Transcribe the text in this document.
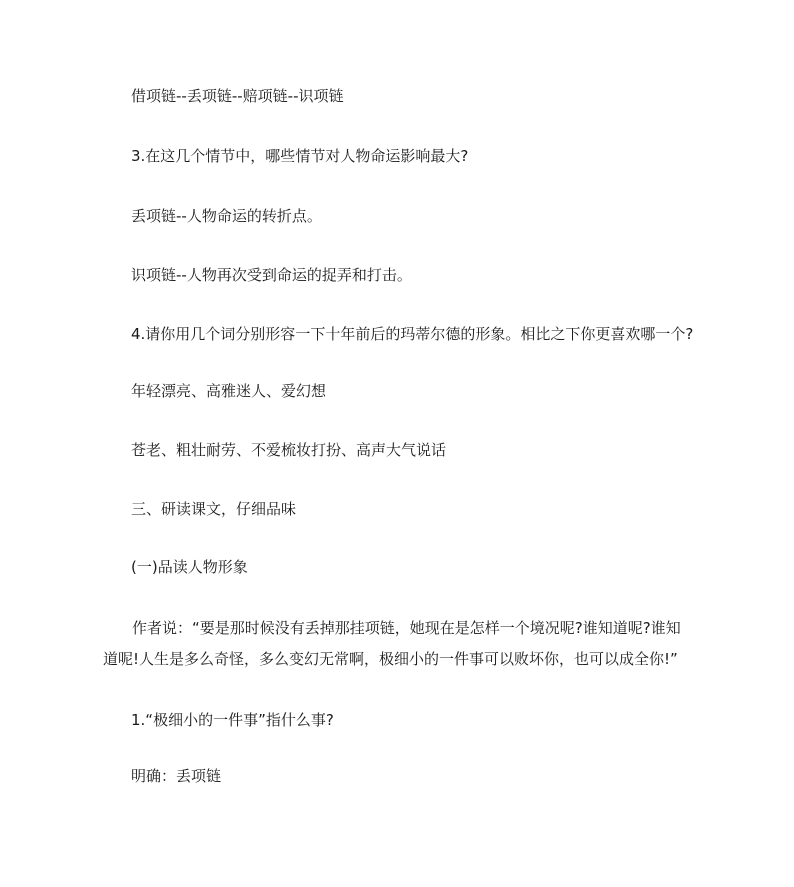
借项链--丢项链--赔项链--识项链
3.在这几个情节中，哪些情节对人物命运影响最大?
丢项链--人物命运的转折点。
识项链--人物再次受到命运的捉弄和打击。
4.请你用几个词分别形容一下十年前后的玛蒂尔德的形象。相比之下你更喜欢哪一个?
年轻漂亮、高雅迷人、爱幻想
苍老、粗壮耐劳、不爱梳妆打扮、高声大气说话
三、研读课文，仔细品味
(一)品读人物形象
作者说：“要是那时候没有丢掉那挂项链，她现在是怎样一个境况呢?谁知道呢?谁知
道呢!人生是多么奇怪，多么变幻无常啊，极细小的一件事可以败坏你，也可以成全你!”
1.“极细小的一件事”指什么事?
明确：丢项链
